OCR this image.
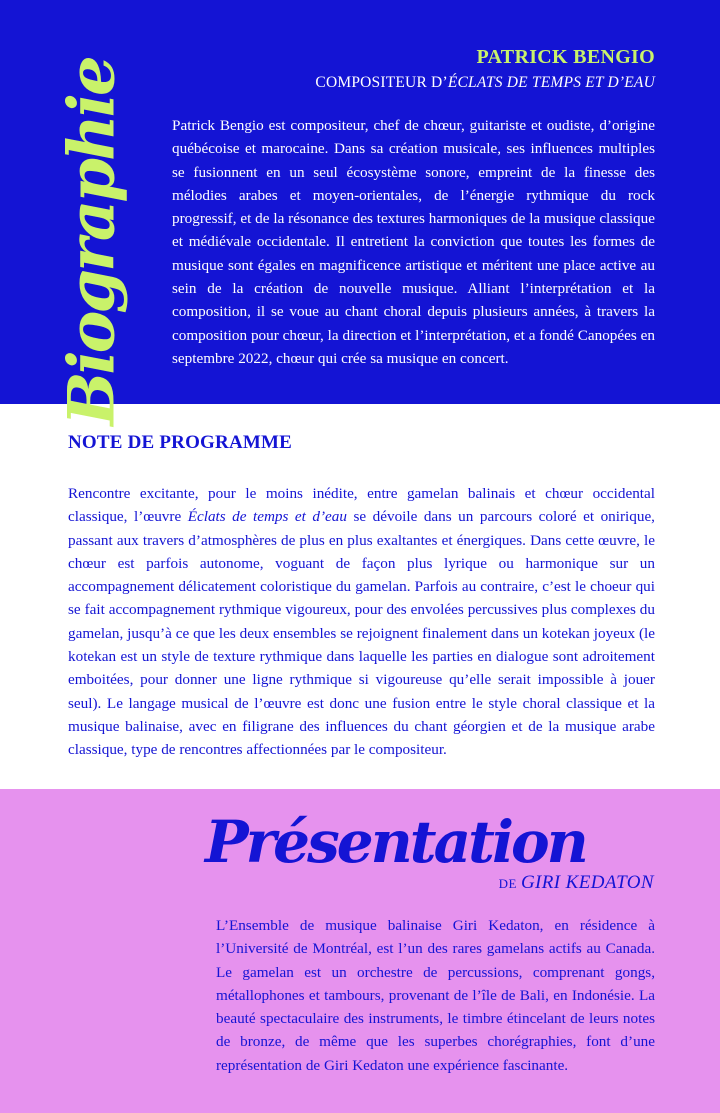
PATRICK BENGIO
COMPOSITEUR D’ÉCLATS DE TEMPS ET D’EAU
Biographie	Patrick Bengio est compositeur, chef de chœur, guitariste et oudiste, d’origine québécoise et marocaine. Dans sa création musicale, ses influences multiples se fusionnent en un seul écosystème sonore, empreint de la finesse des mélodies arabes et moyen-orientales, de l’énergie rythmique du rock progressif, et de la résonance des textures harmoniques de la musique classique et médiévale occidentale. Il entretient la conviction que toutes les formes de musique sont égales en magnificence artistique et méritent une place active au sein de la création de nouvelle musique. Alliant l’interprétation et la composition, il se voue au chant choral depuis plusieurs années, à travers la composition pour chœur, la direction et l’interprétation, et a fondé Canopées en septembre 2022, chœur qui crée sa musique en concert.

NOTE DE PROGRAMME

Rencontre excitante, pour le moins inédite, entre gamelan balinais et chœur occidental classique, l’œuvre Éclats de temps et d’eau se dévoile dans un parcours coloré et onirique, passant aux travers d’atmosphères de plus en plus exaltantes et énergiques. Dans cette œuvre, le chœur est parfois autonome, voguant de façon plus lyrique ou harmonique sur un accompagnement délicatement coloristique du gamelan. Parfois au contraire, c’est le choeur qui se fait accompagnement rythmique vigoureux, pour des envolées percussives plus complexes du gamelan, jusqu’à ce que les deux ensembles se rejoignent finalement dans un kotekan joyeux (le kotekan est un style de texture rythmique dans laquelle les parties en dialogue sont adroitement emboitées, pour donner une ligne rythmique si vigoureuse qu’elle serait impossible à jouer seul). Le langage musical de l’œuvre est donc une fusion entre le style choral classique et la musique balinaise, avec en filigrane des influences du chant géorgien et de la musique arabe classique, type de rencontres affectionnées par le compositeur.

Présentation
DE GIRI KEDATON

L’Ensemble de musique balinaise Giri Kedaton, en résidence à l’Université de Montréal, est l’un des rares gamelans actifs au Canada. Le gamelan est un orchestre de percussions, comprenant gongs, métallophones et tambours, provenant de l’île de Bali, en Indonésie. La beauté spectaculaire des instruments, le timbre étincelant de leurs notes de bronze, de même que les superbes chorégraphies, font d’une représentation de Giri Kedaton une expérience fascinante.
